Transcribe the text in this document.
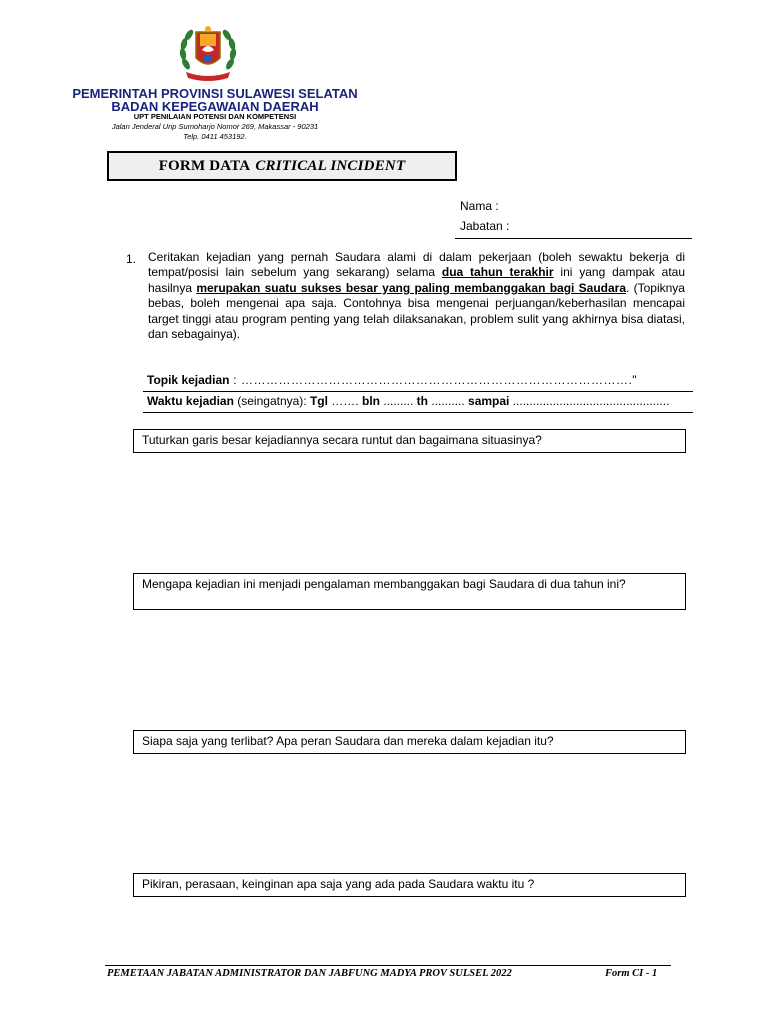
PEMERINTAH PROVINSI SULAWESI SELATAN
BADAN KEPEGAWAIAN DAERAH
UPT PENILAIAN POTENSI DAN KOMPETENSI
Jalan Jenderal Urip Sumoharjo Nomor 269, Makassar - 90231
Telp. 0411 453192.
FORM DATA CRITICAL INCIDENT
Nama :
Jabatan :
1. Ceritakan kejadian yang pernah Saudara alami di dalam pekerjaan (boleh sewaktu bekerja di tempat/posisi lain sebelum yang sekarang) selama dua tahun terakhir ini yang dampak atau hasilnya merupakan suatu sukses besar yang paling membanggakan bagi Saudara. (Topiknya bebas, boleh mengenai apa saja. Contohnya bisa mengenai perjuangan/keberhasilan mencapai target tinggi atau program penting yang telah dilaksanakan, problem sulit yang akhirnya bisa diatasi, dan sebagainya).
Topik kejadian : …………………………………………………………………………………."
Waktu kejadian (seingatnya): Tgl ……. bln ......... th .......... sampai ...............................................
Tuturkan garis besar kejadiannya secara runtut dan bagaimana situasinya?
Mengapa kejadian ini menjadi pengalaman membanggakan bagi Saudara di dua tahun ini?
Siapa saja yang terlibat? Apa peran Saudara dan mereka dalam kejadian itu?
Pikiran, perasaan, keinginan apa saja yang ada pada Saudara waktu itu ?
PEMETAAN JABATAN ADMINISTRATOR DAN JABFUNG MADYA PROV SULSEL 2022	Form CI - 1
